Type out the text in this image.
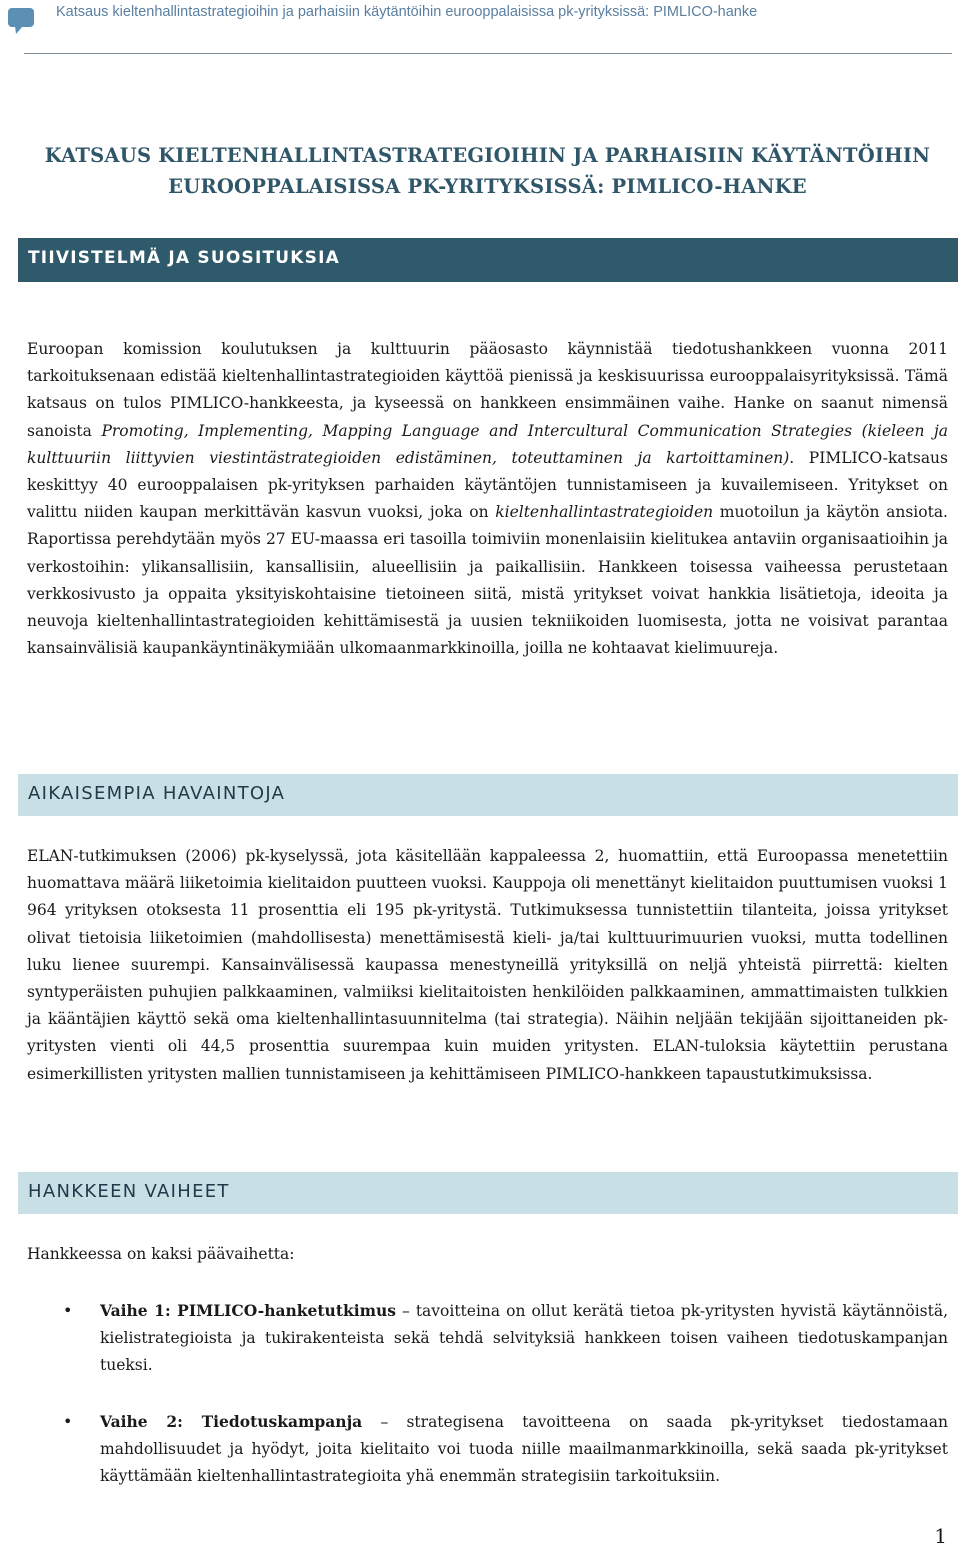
Katsaus kieltenhallintastrategioihin ja parhaisiin käytäntöihin eurooppalaisissa pk-yrityksissä: PIMLICO-hanke
KATSAUS KIELTENHALLINTASTRATEGIOIHIN JA PARHAISIIN KÄYTÄNTÖIHIN
EUROOPPALAISISSA PK-YRITYKSISSÄ: PIMLICO-HANKE
TIIVISTELMÄ JA SUOSITUKSIA

Euroopan komission koulutuksen ja kulttuurin pääosasto käynnistää tiedotushankkeen vuonna 2011 tarkoituksenaan edistää kieltenhallintastrategioiden käyttöä pienissä ja keskisuurissa eurooppalaisyrityksissä. Tämä katsaus on tulos PIMLICO-hankkeesta, ja kyseessä on hankkeen ensimmäinen vaihe. Hanke on saanut nimensä sanoista Promoting, Implementing, Mapping Language and Intercultural Communication Strategies (kieleen ja kulttuuriin liittyvien viestintästrategioiden edistäminen, toteuttaminen ja kartoittaminen). PIMLICO-katsaus keskittyy 40 eurooppalaisen pk-yrityksen parhaiden käytäntöjen tunnistamiseen ja kuvailemiseen. Yritykset on valittu niiden kaupan merkittävän kasvun vuoksi, joka on kieltenhallintastrategioiden muotoilun ja käytön ansiota. Raportissa perehdytään myös 27 EU-maassa eri tasoilla toimiviin monenlaisiin kielitukea antaviin organisaatioihin ja verkostoihin: ylikansallisiin, kansallisiin, alueellisiin ja paikallisiin. Hankkeen toisessa vaiheessa perustetaan verkkosivusto ja oppaita yksityiskohtaisine tietoineen siitä, mistä yritykset voivat hankkia lisätietoja, ideoita ja neuvoja kieltenhallintastrategioiden kehittämisestä ja uusien tekniikoiden luomisesta, jotta ne voisivat parantaa kansainvälisiä kaupankäyntinäkymiään ulkomaanmarkkinoilla, joilla ne kohtaavat kielimuureja.

AIKAISEMPIA HAVAINTOJA

ELAN-tutkimuksen (2006) pk-kyselyssä, jota käsitellään kappaleessa 2, huomattiin, että Euroopassa menetettiin huomattava määrä liiketoimia kielitaidon puutteen vuoksi. Kauppoja oli menettänyt kielitaidon puuttumisen vuoksi 1 964 yrityksen otoksesta 11 prosenttia eli 195 pk-yritystä. Tutkimuksessa tunnistettiin tilanteita, joissa yritykset olivat tietoisia liiketoimien (mahdollisesta) menettämisestä kieli- ja/tai kulttuurimuurien vuoksi, mutta todellinen luku lienee suurempi. Kansainvälisessä kaupassa menestyneillä yrityksillä on neljä yhteistä piirrettä: kielten syntyperäisten puhujien palkkaaminen, valmiiksi kielitaitoisten henkilöiden palkkaaminen, ammattimaisten tulkkien ja kääntäjien käyttö sekä oma kieltenhallintasuunnitelma (tai strategia). Näihin neljään tekijään sijoittaneiden pk-yritysten vienti oli 44,5 prosenttia suurempaa kuin muiden yritysten. ELAN-tuloksia käytettiin perustana esimerkillisten yritysten mallien tunnistamiseen ja kehittämiseen PIMLICO-hankkeen tapaustutkimuksissa.

HANKKEEN VAIHEET

Hankkeessa on kaksi päävaihetta:

• Vaihe 1: PIMLICO-hanketutkimus – tavoitteina on ollut kerätä tietoa pk-yritysten hyvistä käytännöistä, kielistrategioista ja tukirakenteista sekä tehdä selvityksiä hankkeen toisen vaiheen tiedotuskampanjan tueksi.
• Vaihe 2: Tiedotuskampanja – strategisena tavoitteena on saada pk-yritykset tiedostamaan mahdollisuudet ja hyödyt, joita kielitaito voi tuoda niille maailmanmarkkinoilla, sekä saada pk-yritykset käyttämään kieltenhallintastrategioita yhä enemmän strategisiin tarkoituksiin.
1
